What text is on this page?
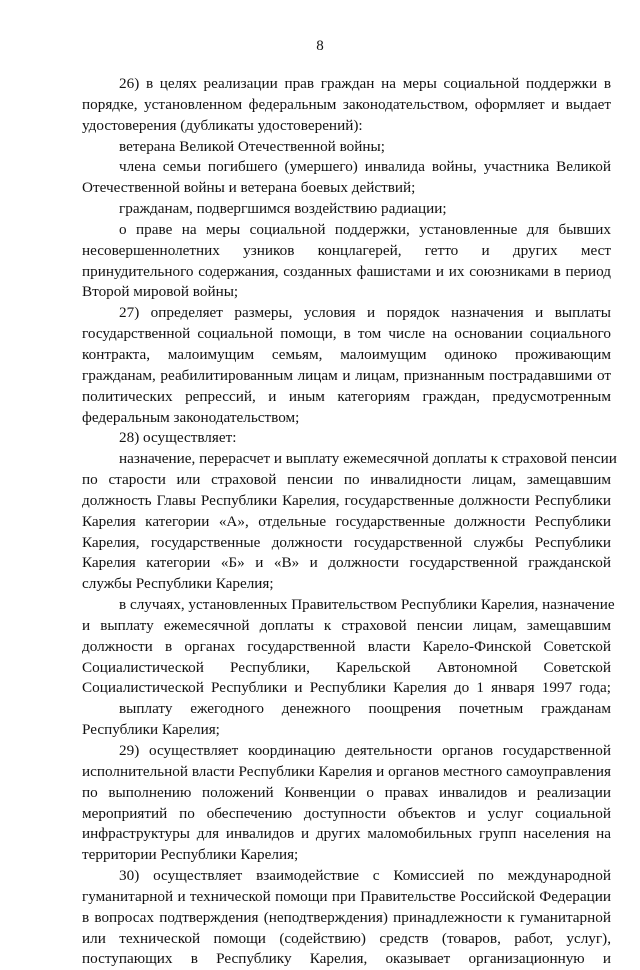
8
26) в целях реализации прав граждан на меры социальной поддержки в
порядке, установленном федеральным законодательством, оформляет и выдает
удостоверения (дубликаты удостоверений):
ветерана Великой Отечественной войны;
члена семьи погибшего (умершего) инвалида войны, участника Великой
Отечественной войны и ветерана боевых действий;
гражданам, подвергшимся воздействию радиации;
о праве на меры социальной поддержки, установленные для бывших
несовершеннолетних узников концлагерей, гетто и других мест
принудительного содержания, созданных фашистами и их союзниками в период
Второй мировой войны;
27) определяет размеры, условия и порядок назначения и выплаты
государственной социальной помощи, в том числе на основании социального
контракта, малоимущим семьям, малоимущим одиноко проживающим
гражданам, реабилитированным лицам и лицам, признанным пострадавшими от
политических репрессий, и иным категориям граждан, предусмотренным
федеральным законодательством;
28) осуществляет:
назначение, перерасчет и выплату ежемесячной доплаты к страховой пенсии
по старости или страховой пенсии по инвалидности лицам, замещавшим
должность Главы Республики Карелия, государственные должности Республики
Карелия категории «А», отдельные государственные должности Республики
Карелия, государственные должности государственной службы Республики
Карелия категории «Б» и «В» и должности государственной гражданской
службы Республики Карелия;
в случаях, установленных Правительством Республики Карелия, назначение
и выплату ежемесячной доплаты к страховой пенсии лицам, замещавшим
должности в органах государственной власти Карело-Финской Советской
Социалистической Республики, Карельской Автономной Советской
Социалистической Республики и Республики Карелия до 1 января 1997 года;
выплату ежегодного денежного поощрения почетным гражданам
Республики Карелия;
29) осуществляет координацию деятельности органов государственной
исполнительной власти Республики Карелия и органов местного самоуправления
по выполнению положений Конвенции о правах инвалидов и реализации
мероприятий по обеспечению доступности объектов и услуг социальной
инфраструктуры для инвалидов и других маломобильных групп населения на
территории Республики Карелия;
30) осуществляет взаимодействие с Комиссией по международной
гуманитарной и технической помощи при Правительстве Российской Федерации
в вопросах подтверждения (неподтверждения) принадлежности к гуманитарной
или технической помощи (содействию) средств (товаров, работ, услуг),
поступающих в Республику Карелия, оказывает организационную и
